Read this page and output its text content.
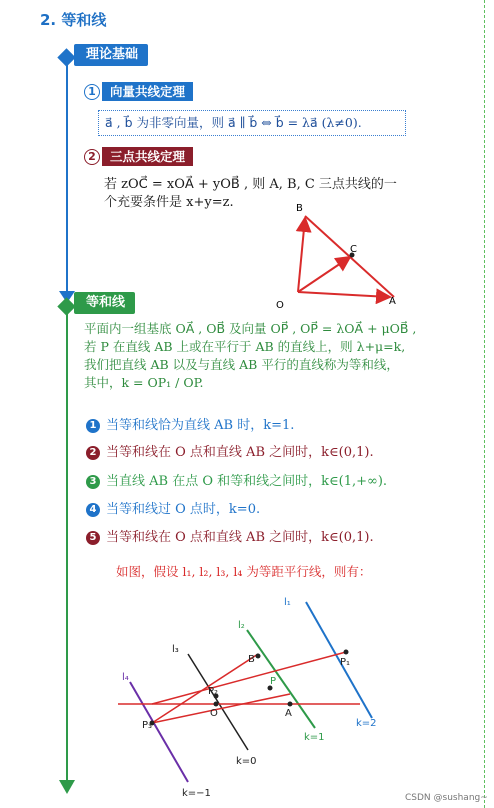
2. 等和线
理论基础
1	向量共线定理
a⃗ , b⃗ 为非零向量，则 a⃗ ∥ b⃗ ⇔ b⃗ = λa⃗ (λ≠0).
2	三点共线定理
若 zOC⃗ = xOA⃗ + yOB⃗ , 则 A, B, C 三点共线的一
个充要条件是 x+y=z.	B
C
O	A
等和线
平面内一组基底 OA⃗ , OB⃗ 及向量 OP⃗ , OP⃗ = λOA⃗ + μOB⃗ ,
若 P 在直线 AB 上或在平行于 AB 的直线上，则 λ+μ=k,
我们把直线 AB 以及与直线 AB 平行的直线称为等和线，
其中，k = OP₁ / OP.
1 当等和线恰为直线 AB 时，k=1.
2 当等和线在 O 点和直线 AB 之间时，k∈(0,1).
3 当直线 AB 在点 O 和等和线之间时，k∈(1,+∞).
4 当等和线过 O 点时，k=0.
5 当等和线在 O 点和直线 AB 之间时，k∈(0,1).
如图，假设 l₁, l₂, l₃, l₄ 为等距平行线，则有：
l₁
l₂
l₃
l₄
B	P₁
P₂
P
A
O
P₃	k=2
k=1
k=0
k=−1	CSDN @sushang~
